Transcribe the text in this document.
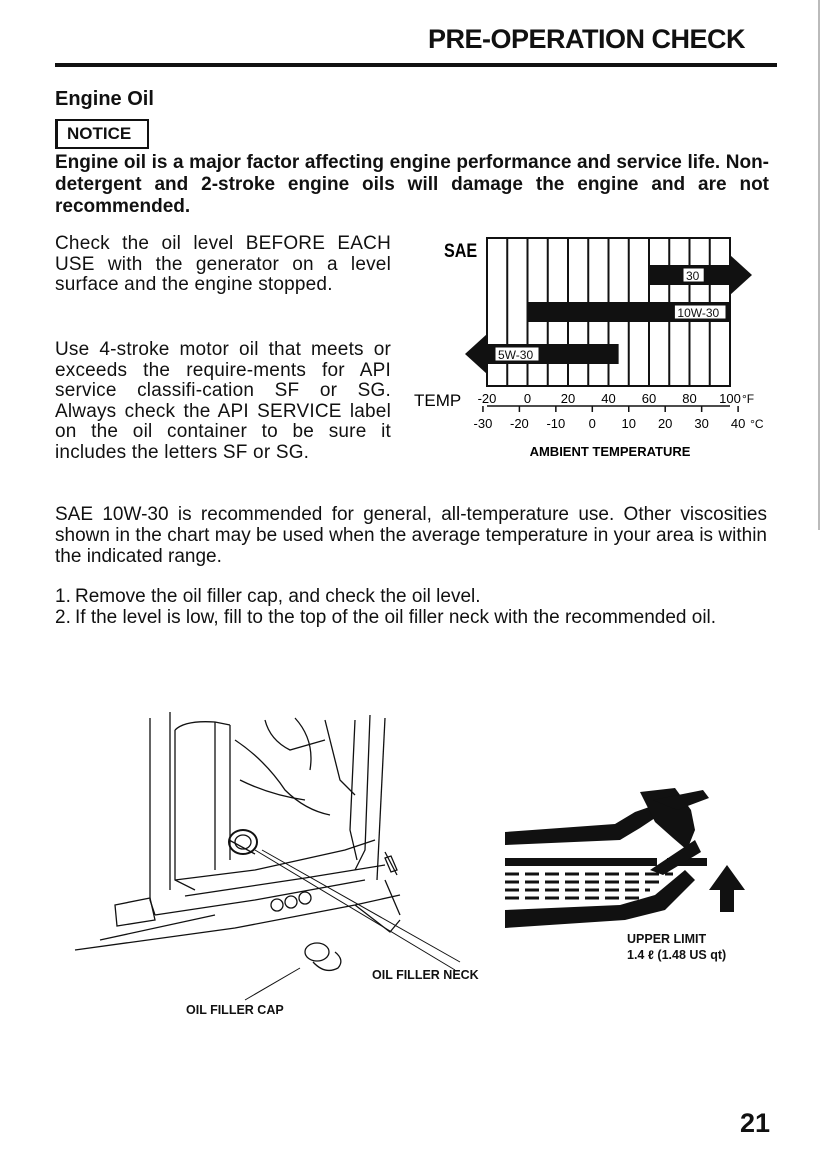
PRE-OPERATION CHECK
Engine Oil
NOTICE
Engine oil is a major factor affecting engine performance and service life. Non-detergent and 2-stroke engine oils will damage the engine and are not recommended.
Check the oil level BEFORE EACH USE with the generator on a level surface and the engine stopped.
Use 4-stroke motor oil that meets or exceeds the require-ments for API service classifi-cation SF or SG. Always check the API SERVICE label on the oil container to be sure it includes the letters SF or SG.
SAE
30
10W-30
5W-30
TEMP -20 0 20 40 60 80 100 °F
-30 -20 -10 0 10 20 30 40 °C
AMBIENT TEMPERATURE
SAE 10W-30 is recommended for general, all-temperature use. Other viscosities shown in the chart may be used when the average temperature in your area is within the indicated range.
1. Remove the oil filler cap, and check the oil level.
2. If the level is low, fill to the top of the oil filler neck with the recommended oil.
OIL FILLER NECK
OIL FILLER CAP
UPPER LIMIT
1.4 ℓ (1.48 US qt)
21
